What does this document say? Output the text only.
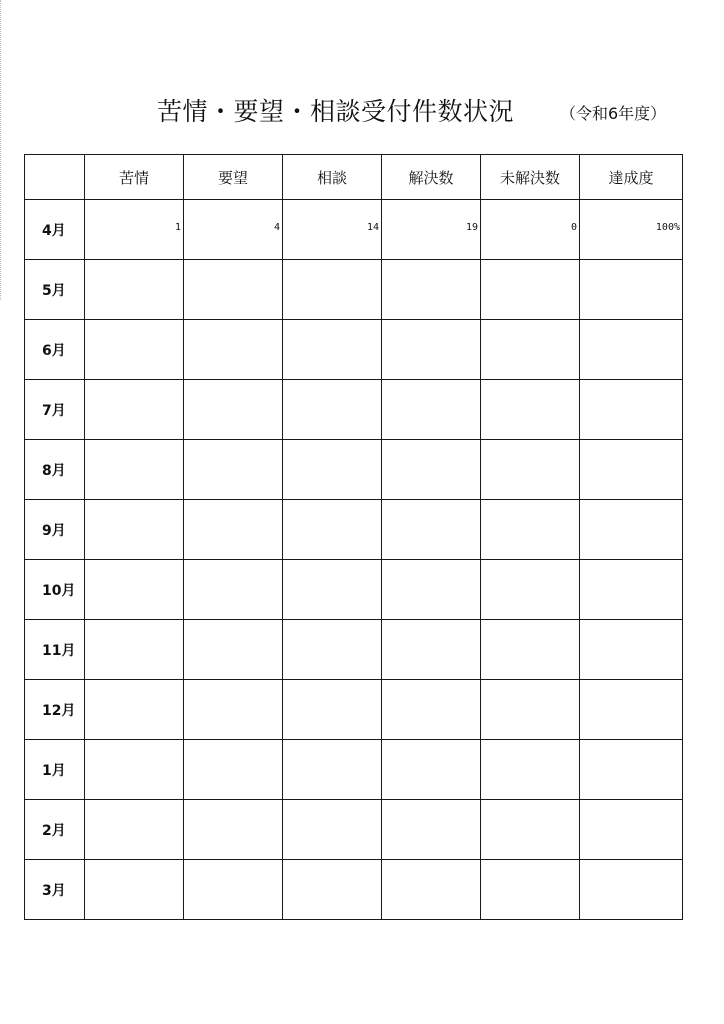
苦情・要望・相談受付件数状況	（令和6年度）
	苦情	要望	相談	解決数	未解決数	達成度
4月	1	4	14	19	0	100%
5月						
6月						
7月						
8月						
9月						
10月						
11月						
12月						
1月						
2月						
3月						
